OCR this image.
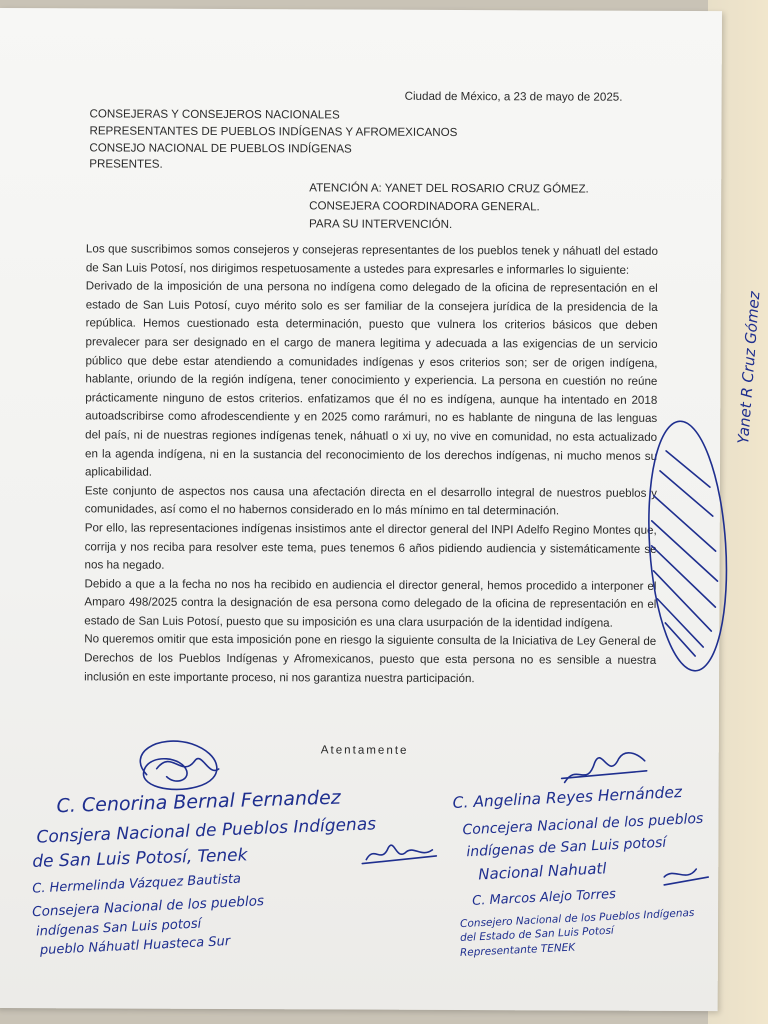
Ciudad de México, a 23 de mayo de 2025.
CONSEJERAS Y CONSEJEROS NACIONALES
REPRESENTANTES DE PUEBLOS INDÍGENAS Y AFROMEXICANOS
CONSEJO NACIONAL DE PUEBLOS INDÍGENAS
PRESENTES.
ATENCIÓN A: YANET DEL ROSARIO CRUZ GÓMEZ.
CONSEJERA COORDINADORA GENERAL.
PARA SU INTERVENCIÓN.

Los que suscribimos somos consejeros y consejeras representantes de los pueblos tenek y náhuatl del estado de San Luis Potosí, nos dirigimos respetuosamente a ustedes para expresarles e informarles lo siguiente:

Derivado de la imposición de una persona no indígena como delegado de la oficina de representación en el estado de San Luis Potosí, cuyo mérito solo es ser familiar de la consejera jurídica de la presidencia de la república. Hemos cuestionado esta determinación, puesto que vulnera los criterios básicos que deben prevalecer para ser designado en el cargo de manera legitima y adecuada a las exigencias de un servicio público que debe estar atendiendo a comunidades indígenas y esos criterios son; ser de origen indígena, hablante, oriundo de la región indígena, tener conocimiento y experiencia. La persona en cuestión no reúne prácticamente ninguno de estos criterios. enfatizamos que él no es indígena, aunque ha intentado en 2018 autoadscribirse como afrodescendiente y en 2025 como rarámuri, no es hablante de ninguna de las lenguas del país, ni de nuestras regiones indígenas tenek, náhuatl o xi uy, no vive en comunidad, no esta actualizado en la agenda indígena, ni en la sustancia del reconocimiento de los derechos indígenas, ni mucho menos su aplicabilidad.

Este conjunto de aspectos nos causa una afectación directa en el desarrollo integral de nuestros pueblos y comunidades, así como el no habernos considerado en lo más mínimo en tal determinación.

Por ello, las representaciones indígenas insistimos ante el director general del INPI Adelfo Regino Montes que, corrija y nos reciba para resolver este tema, pues tenemos 6 años pidiendo audiencia y sistemáticamente se nos ha negado.

Debido a que a la fecha no nos ha recibido en audiencia el director general, hemos procedido a interponer el Amparo 498/2025 contra la designación de esa persona como delegado de la oficina de representación en el estado de San Luis Potosí, puesto que su imposición es una clara usurpación de la identidad indígena.

No queremos omitir que esta imposición pone en riesgo la siguiente consulta de la Iniciativa de Ley General de Derechos de los Pueblos Indígenas y Afromexicanos, puesto que esta persona no es sensible a nuestra inclusión en este importante proceso, ni nos garantiza nuestra participación.

Atentamente
C. Cenorina Bernal Fernandez
Consjera Nacional de Pueblos Indígenas
de San Luis Potosí, Tenek
C. Hermelinda Vázquez Bautista
Consejera Nacional de los pueblos
indígenas San Luis potosí
pueblo Náhuatl Huasteca Sur
C. Angelina Reyes Hernández
Concejera Nacional de los pueblos
indígenas de San Luis potosí
Nacional Nahuatl
C. Marcos Alejo Torres
Consejero Nacional de los Pueblos Indígenas
del Estado de San Luis Potosí
Representante TENEK
Yanet R Cruz Gómez
